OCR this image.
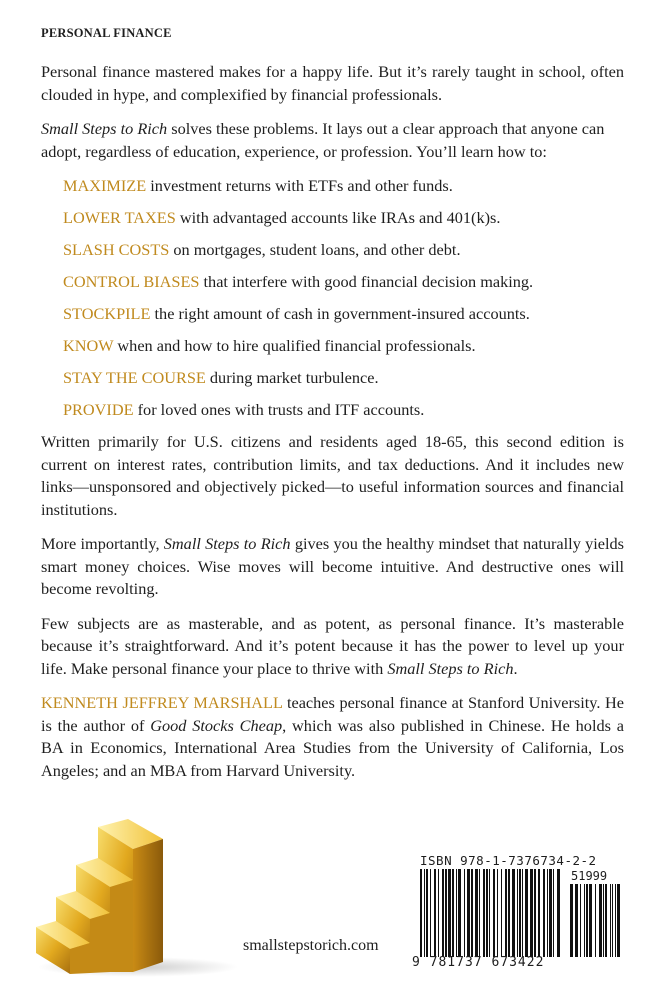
PERSONAL FINANCE

Personal finance mastered makes for a happy life. But it’s rarely taught in school, often clouded in hype, and complexified by financial professionals.

Small Steps to Rich solves these problems. It lays out a clear approach that anyone can adopt, regardless of education, experience, or profession. You’ll learn how to:

MAXIMIZE investment returns with ETFs and other funds.
LOWER TAXES with advantaged accounts like IRAs and 401(k)s.
SLASH COSTS on mortgages, student loans, and other debt.
CONTROL BIASES that interfere with good financial decision making.
STOCKPILE the right amount of cash in government-insured accounts.
KNOW when and how to hire qualified financial professionals.
STAY THE COURSE during market turbulence.
PROVIDE for loved ones with trusts and ITF accounts.

Written primarily for U.S. citizens and residents aged 18-65, this second edition is current on interest rates, contribution limits, and tax deductions. And it includes new links—unsponsored and objectively picked—to useful information sources and financial institutions.

More importantly, Small Steps to Rich gives you the healthy mindset that naturally yields smart money choices. Wise moves will become intuitive. And destructive ones will become revolting.

Few subjects are as masterable, and as potent, as personal finance. It’s masterable because it’s straightforward. And it’s potent because it has the power to level up your life. Make personal finance your place to thrive with Small Steps to Rich.

KENNETH JEFFREY MARSHALL teaches personal finance at Stanford University. He is the author of Good Stocks Cheap, which was also published in Chinese. He holds a BA in Economics, International Area Studies from the University of California, Los Angeles; and an MBA from Harvard University.

smallstepstorich.com
ISBN 978-1-7376734-2-2
51999
9 781737 673422
